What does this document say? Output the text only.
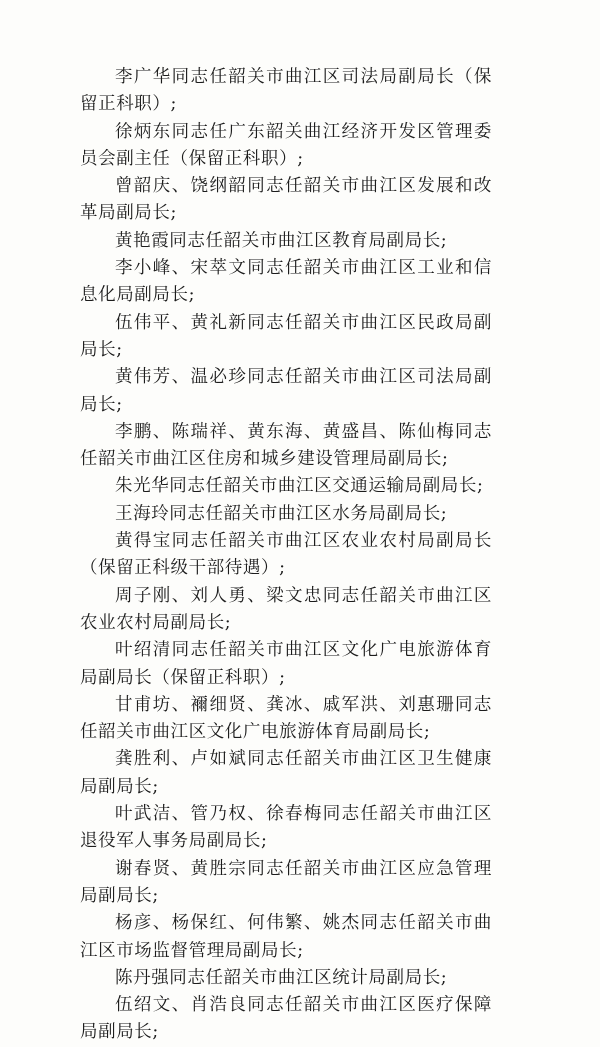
李广华同志任韶关市曲江区司法局副局长（保留正科职）;

徐炳东同志任广东韶关曲江经济开发区管理委员会副主任（保留正科职）;

曾韶庆、饶纲韶同志任韶关市曲江区发展和改革局副局长;

黄艳霞同志任韶关市曲江区教育局副局长;

李小峰、宋萃文同志任韶关市曲江区工业和信息化局副局长;

伍伟平、黄礼新同志任韶关市曲江区民政局副局长;

黄伟芳、温必珍同志任韶关市曲江区司法局副局长;

李鹏、陈瑞祥、黄东海、黄盛昌、陈仙梅同志任韶关市曲江区住房和城乡建设管理局副局长;

朱光华同志任韶关市曲江区交通运输局副局长;

王海玲同志任韶关市曲江区水务局副局长;

黄得宝同志任韶关市曲江区农业农村局副局长（保留正科级干部待遇）;

周子刚、刘人勇、梁文忠同志任韶关市曲江区农业农村局副局长;

叶绍清同志任韶关市曲江区文化广电旅游体育局副局长（保留正科职）;

甘甫坊、襧细贤、龚冰、戚军洪、刘惠珊同志任韶关市曲江区文化广电旅游体育局副局长;

龚胜利、卢如斌同志任韶关市曲江区卫生健康局副局长;

叶武洁、管乃权、徐春梅同志任韶关市曲江区退役军人事务局副局长;

谢春贤、黄胜宗同志任韶关市曲江区应急管理局副局长;

杨彦、杨保红、何伟繁、姚杰同志任韶关市曲江区市场监督管理局副局长;

陈丹强同志任韶关市曲江区统计局副局长;

伍绍文、肖浩良同志任韶关市曲江区医疗保障局副局长;
